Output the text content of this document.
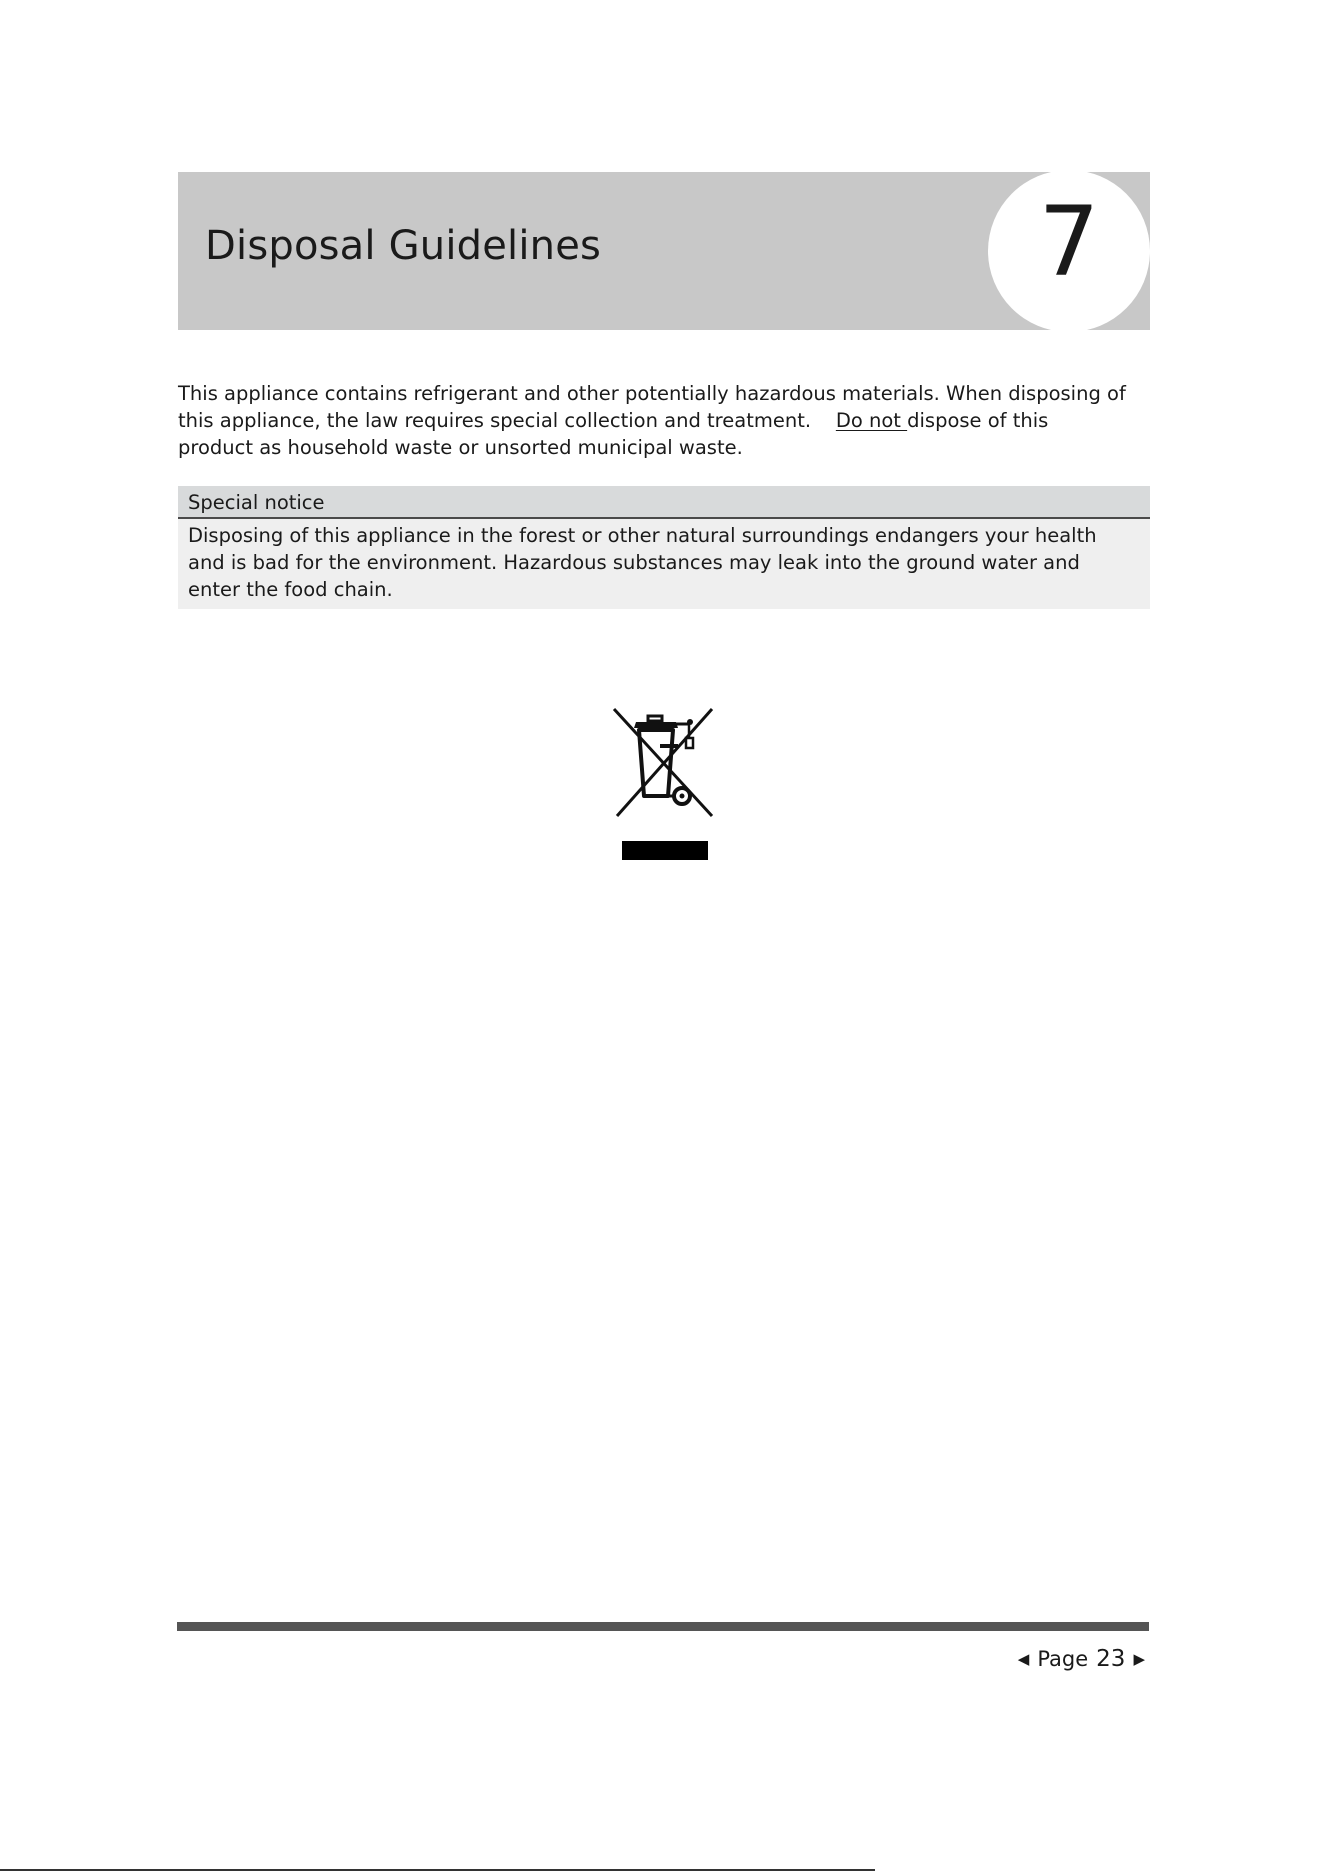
Disposal Guidelines	7

This appliance contains refrigerant and other potentially hazardous materials. When disposing of this appliance, the law requires special collection and treatment.    Do not dispose of this product as household waste or unsorted municipal waste.

Special notice
Disposing of this appliance in the forest or other natural surroundings endangers your health and is bad for the environment. Hazardous substances may leak into the ground water and enter the food chain.
◀ Page 23 ▶
